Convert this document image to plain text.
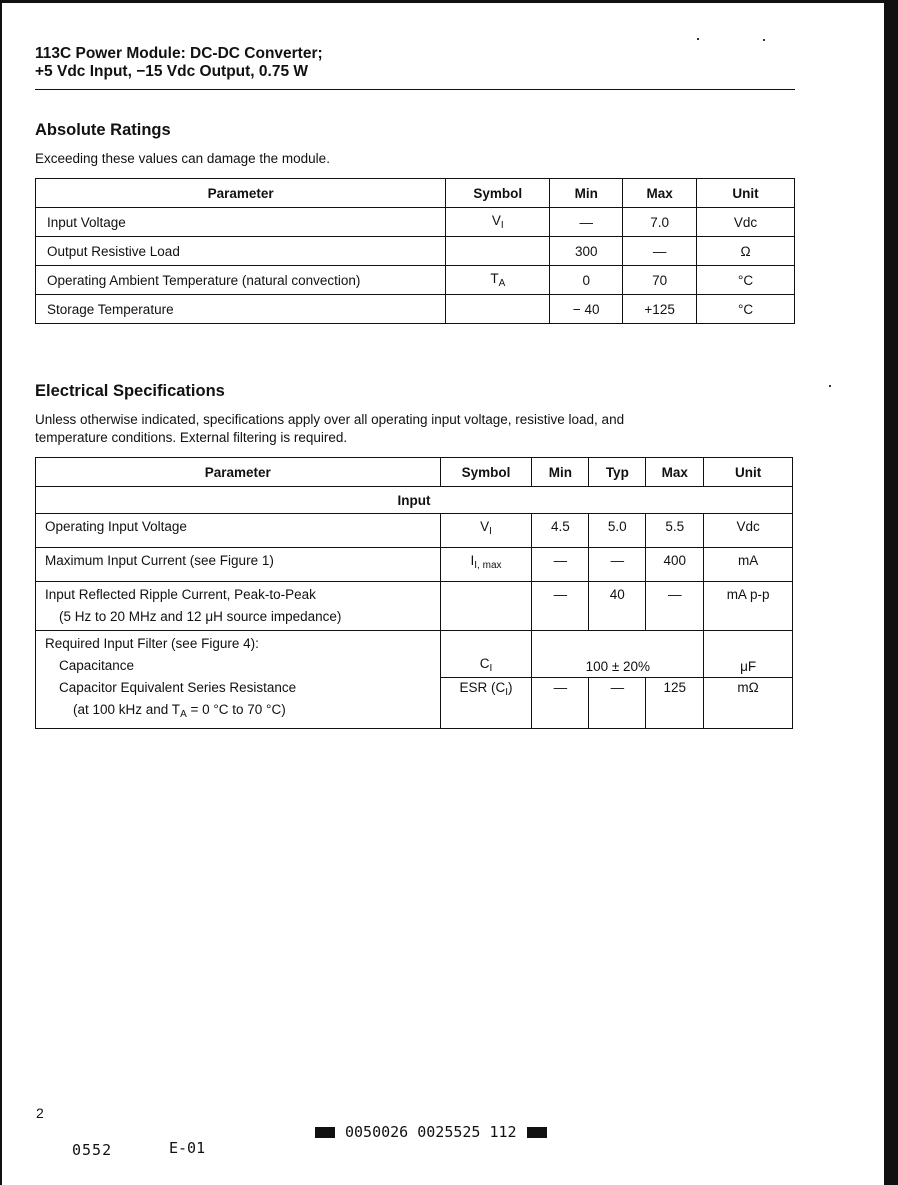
113C Power Module: DC-DC Converter;
+5 Vdc Input, −15 Vdc Output, 0.75 W
Absolute Ratings
Exceeding these values can damage the module.
Parameter	Symbol	Min	Max	Unit
Input Voltage	$V_I$	—	7.0	Vdc
Output Resistive Load		300	—	Ω
Operating Ambient Temperature (natural convection)	$T_A$	0	70	°C
Storage Temperature		− 40	+125	°C
Electrical Specifications
Unless otherwise indicated, specifications apply over all operating input voltage, resistive load, and
temperature conditions. External filtering is required.
Parameter	Symbol	Min	Typ	Max	Unit
Input					
Operating Input Voltage	$V_I$	4.5	5.0	5.5	Vdc
Maximum Input Current (see Figure 1)	$I_{I, max}$	—	—	400	mA

Input Reflected Ripple Current, Peak-to-Peak
(5 Hz to 20 MHz and 12 μH source impedance)		—	40	—	mA p-p

Required Input Filter (see Figure 4):
Capacitance	$C_I$	100 ± 20%			μF

Capacitor Equivalent Series Resistance
(at 100 kHz and $T_A = 0$ °C to 70 °C)	ESR $(C_I)$	—	—	125	mΩ
2
0050026 0025525 112
0552	E-01
